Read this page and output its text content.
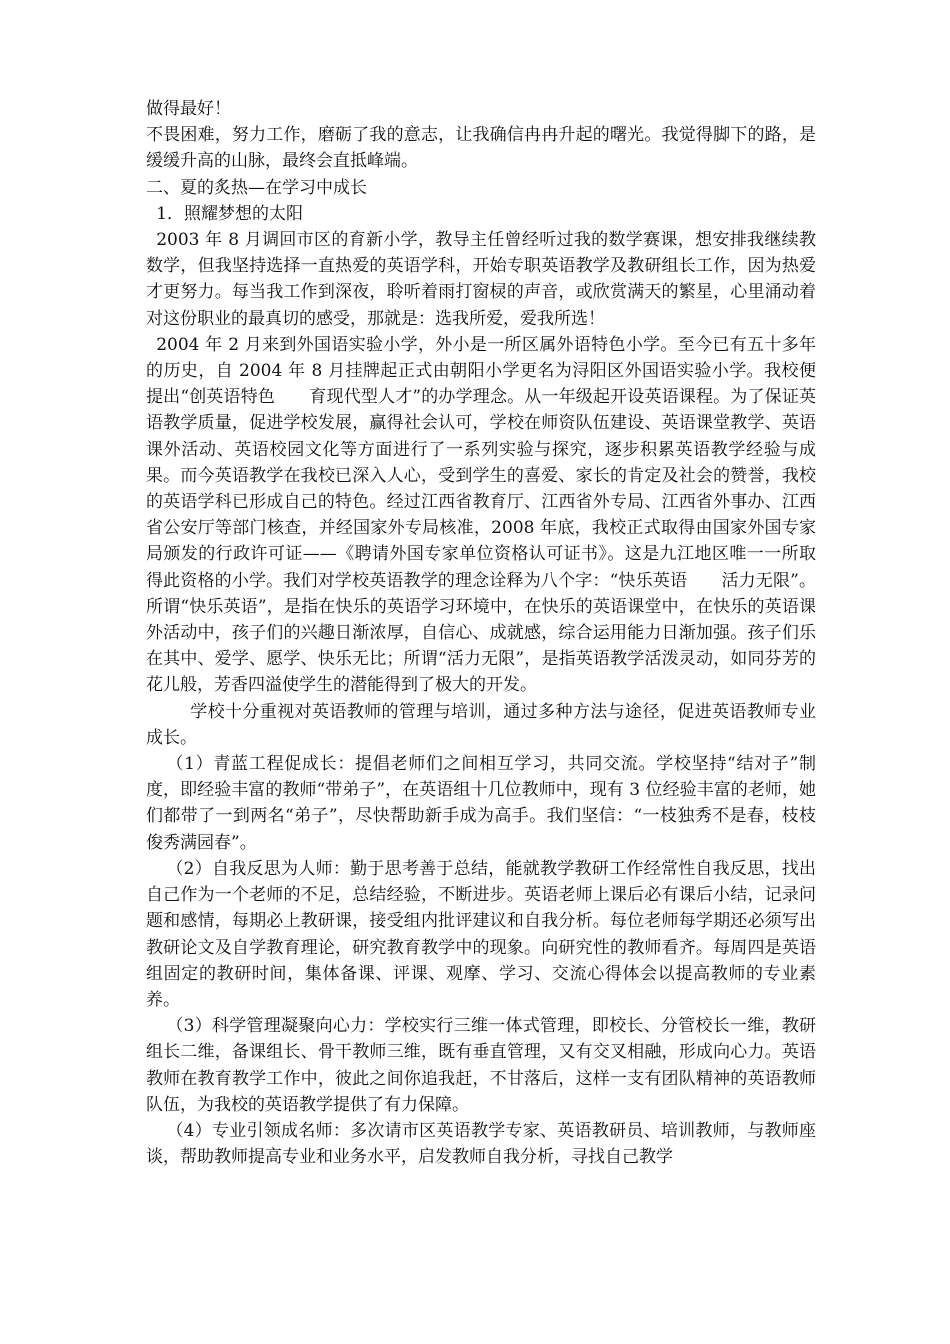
做得最好！

不畏困难，努力工作，磨砺了我的意志，让我确信冉冉升起的曙光。我觉得脚下的路，是缓缓升高的山脉，最终会直抵峰端。

二、夏的炙热—在学习中成长

1．照耀梦想的太阳

2003 年 8 月调回市区的育新小学，教导主任曾经听过我的数学赛课，想安排我继续教数学，但我坚持选择一直热爱的英语学科，开始专职英语教学及教研组长工作，因为热爱才更努力。每当我工作到深夜，聆听着雨打窗棂的声音，或欣赏满天的繁星，心里涌动着对这份职业的最真切的感受，那就是：选我所爱，爱我所选！

2004 年 2 月来到外国语实验小学，外小是一所区属外语特色小学。至今已有五十多年的历史，自 2004 年 8 月挂牌起正式由朝阳小学更名为浔阳区外国语实验小学。我校便提出“创英语特色　　育现代型人才”的办学理念。从一年级起开设英语课程。为了保证英语教学质量，促进学校发展，赢得社会认可，学校在师资队伍建设、英语课堂教学、英语课外活动、英语校园文化等方面进行了一系列实验与探究，逐步积累英语教学经验与成果。而今英语教学在我校已深入人心，受到学生的喜爱、家长的肯定及社会的赞誉，我校的英语学科已形成自己的特色。经过江西省教育厅、江西省外专局、江西省外事办、江西省公安厅等部门核查，并经国家外专局核准，2008 年底，我校正式取得由国家外国专家局颁发的行政许可证——《聘请外国专家单位资格认可证书》。这是九江地区唯一一所取得此资格的小学。我们对学校英语教学的理念诠释为八个字：“快乐英语　　活力无限”。所谓“快乐英语”，是指在快乐的英语学习环境中，在快乐的英语课堂中，在快乐的英语课外活动中，孩子们的兴趣日渐浓厚，自信心、成就感，综合运用能力日渐加强。孩子们乐在其中、爱学、愿学、快乐无比；所谓“活力无限”，是指英语教学活泼灵动，如同芬芳的花儿般，芳香四溢使学生的潜能得到了极大的开发。

学校十分重视对英语教师的管理与培训，通过多种方法与途径，促进英语教师专业成长。

（1）青蓝工程促成长：提倡老师们之间相互学习，共同交流。学校坚持“结对子”制度，即经验丰富的教师“带弟子”，在英语组十几位教师中，现有 3 位经验丰富的老师，她们都带了一到两名“弟子”，尽快帮助新手成为高手。我们坚信：“一枝独秀不是春，枝枝俊秀满园春”。

（2）自我反思为人师：勤于思考善于总结，能就教学教研工作经常性自我反思，找出自己作为一个老师的不足，总结经验，不断进步。英语老师上课后必有课后小结，记录问题和感情，每期必上教研课，接受组内批评建议和自我分析。每位老师每学期还必须写出教研论文及自学教育理论，研究教育教学中的现象。向研究性的教师看齐。每周四是英语组固定的教研时间，集体备课、评课、观摩、学习、交流心得体会以提高教师的专业素养。

（3）科学管理凝聚向心力：学校实行三维一体式管理，即校长、分管校长一维，教研组长二维，备课组长、骨干教师三维，既有垂直管理，又有交叉相融，形成向心力。英语教师在教育教学工作中，彼此之间你追我赶，不甘落后，这样一支有团队精神的英语教师队伍，为我校的英语教学提供了有力保障。

（4）专业引领成名师：多次请市区英语教学专家、英语教研员、培训教师，与教师座谈，帮助教师提高专业和业务水平，启发教师自我分析，寻找自己教学
